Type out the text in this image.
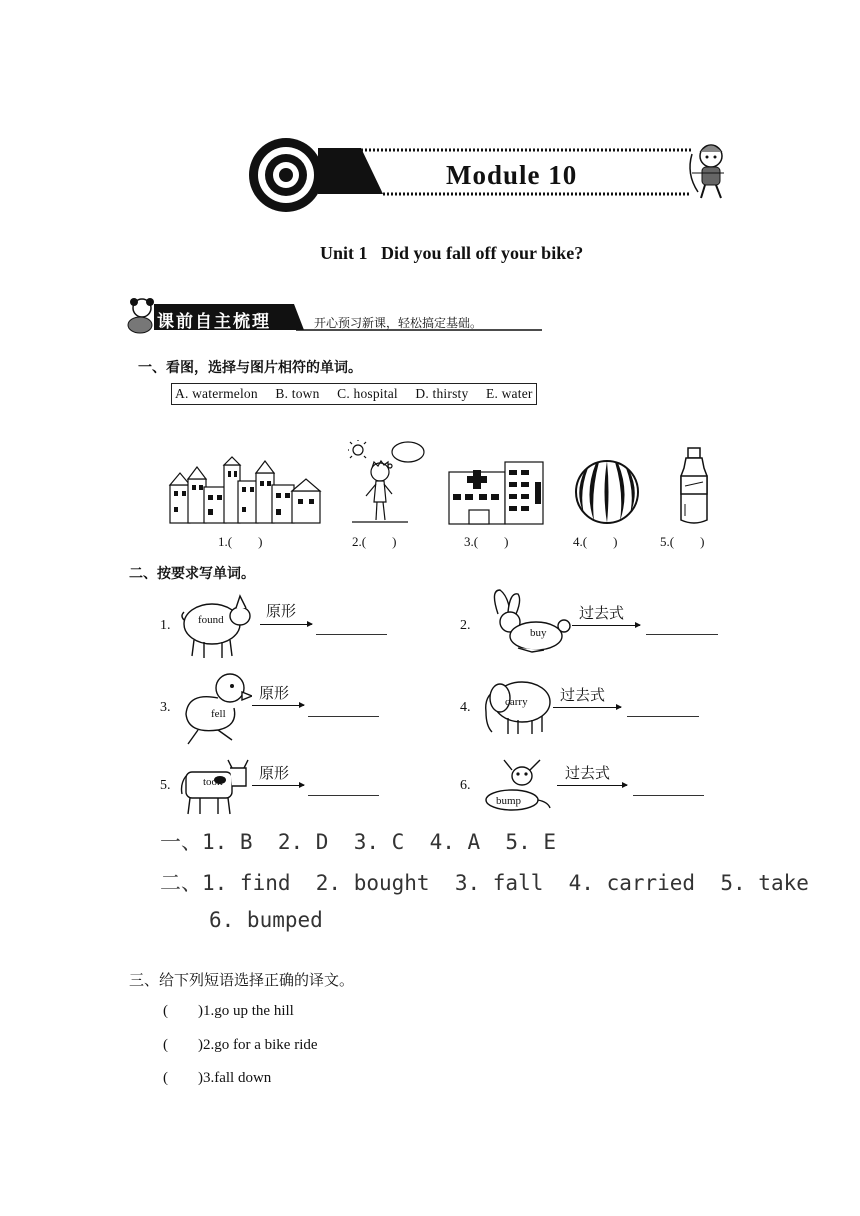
Module 10
Unit 1   Did you fall off your bike?
课前自主梳理	开心预习新课，轻松搞定基础。
一、看图，选择与图片相符的单词。
A. watermelon B. town C. hospital D. thirsty E. water
1.(　　)	2.(　　)	3.(　　)	4.(　　)	5.(　　)
二、按要求写单词。
1.	found	原形
2.	buy
过去式
3.	fell
原形
4.	carry 过去式
5.	took 原形
6.
bump
过去式
一、1. B  2. D  3. C  4. A  5. E
二、1. find  2. bought  3. fall  4. carried  5. take
6. bumped
三、给下列短语选择正确的译文。
(  )1.go up the hill
(  )2.go for a bike ride
(  )3.fall down
